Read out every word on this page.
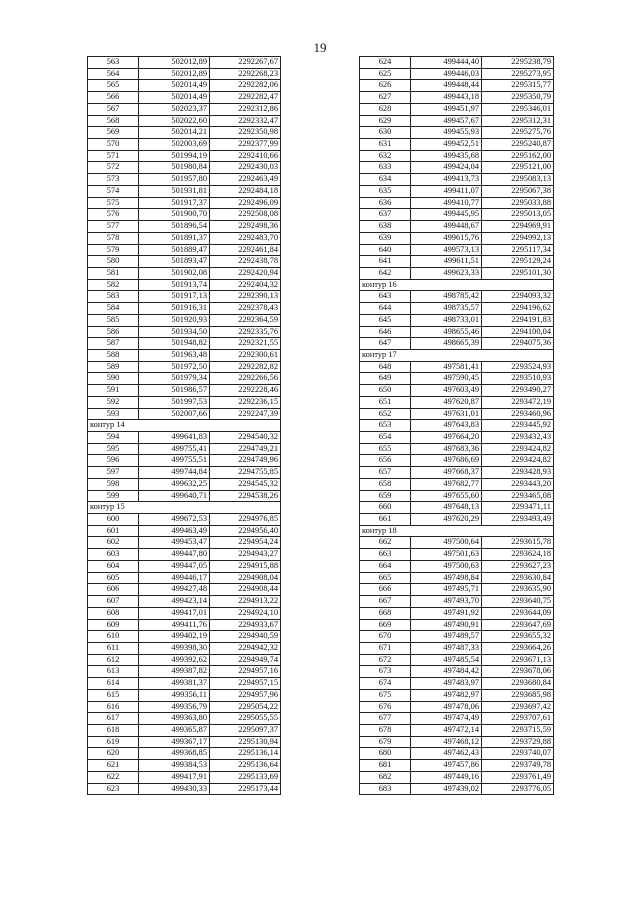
19
563	502012,89	2292267,67
564	502012,89	2292268,23
565	502014,49	2292282,06
566	502014,49	2292282,47
567	502023,37	2292312,86
568	502022,60	2292332,47
569	502014,21	2292350,98
570	502003,69	2292377,99
571	501994,19	2292410,66
572	501980,84	2292430,03
573	501957,80	2292463,49
574	501931,81	2292484,18
575	501917,37	2292496,09
576	501900,70	2292508,08
577	501896,54	2292498,36
578	501891,37	2292483,70
579	501889,47	2292461,84
580	501893,47	2292438,78
581	501902,08	2292420,94
582	501913,74	2292404,32
583	501917,13	2292390,13
584	501916,31	2292378,43
585	501920,93	2292364,59
586	501934,50	2292335,76
587	501948,82	2292321,55
588	501963,48	2292300,61
589	501972,50	2292282,82
590	501979,34	2292266,56
591	501986,57	2292228,46
592	501997,53	2292236,15
593	502007,66	2292247,39
контур 14		
594	499641,83	2294540,32
595	499755,41	2294749,21
596	499755,51	2294749,96
597	499744,84	2294755,85
598	499632,25	2294545,32
599	499640,71	2294538,26
контур 15		
600	499672,53	2294976,85
601	499463,49	2294956,40
602	499453,47	2294954,24
603	499447,80	2294943,27
604	499447,05	2294915,88
605	499446,17	2294908,04
606	499427,48	2294908,44
607	499423,14	2294913,22
608	499417,01	2294924,10
609	499411,76	2294933,67
610	499402,19	2294940,59
611	499398,30	2294942,32
612	499392,62	2294949,74
613	499387,82	2294957,16
614	499381,37	2294957,15
615	499356,11	2294957,96
616	499356,79	2295054,22
617	499363,80	2295055,55
618	499365,87	2295097,37
619	499367,17	2295130,94
620	499368,85	2295136,14
621	499384,53	2295136,64
622	499417,91	2295133,69
623	499430,33	2295173,44
624	499444,40	2295238,79
625	499446,03	2295273,95
626	499448,44	2295315,77
627	499443,18	2295350,79
628	499451,97	2295346,01
629	499457,67	2295312,31
630	499455,93	2295275,76
631	499452,51	2295240,87
632	499435,68	2295162,00
633	499424,04	2295121,00
634	499413,73	2295083,13
635	499411,07	2295067,38
636	499410,77	2295033,88
637	499445,95	2295013,05
638	499448,67	2294969,91
639	499615,76	2294992,13
640	499573,13	2295117,34
641	499611,51	2295129,24
642	499623,33	2295101,30
контур 16		
643	498785,42	2294093,32
644	498735,57	2294196,62
645	498733,01	2294191,83
646	498655,46	2294100,04
647	498665,39	2294075,36
контур 17		
648	497581,41	2293524,93
649	497590,45	2293510,93
650	497603,49	2293490,27
651	497620,87	2293472,19
652	497631,01	2293460,96
653	497643,83	2293445,92
654	497664,20	2293432,43
655	497683,36	2293424,82
656	497686,69	2293424,82
657	497668,37	2293428,93
658	497682,77	2293443,20
659	497655,60	2293465,08
660	497648,13	2293471,11
661	497620,29	2293493,49
контур 18		
662	497500,64	2293615,78
663	497501,63	2293624,18
664	497500,63	2293627,23
665	497498,84	2293630,84
666	497495,71	2293635,90
667	497493,70	2293640,75
668	497491,92	2293644,09
669	497490,91	2293647,69
670	497489,57	2293655,32
671	497487,33	2293664,26
672	497485,54	2293671,13
673	497484,42	2293678,06
674	497483,97	2293680,84
675	497482,97	2293685,98
676	497478,06	2293697,42
677	497474,49	2293707,61
678	497472,14	2293715,59
679	497468,12	2293729,88
680	497462,43	2293740,07
681	497457,86	2293749,78
682	497449,16	2293761,49
683	497439,02	2293776,05
